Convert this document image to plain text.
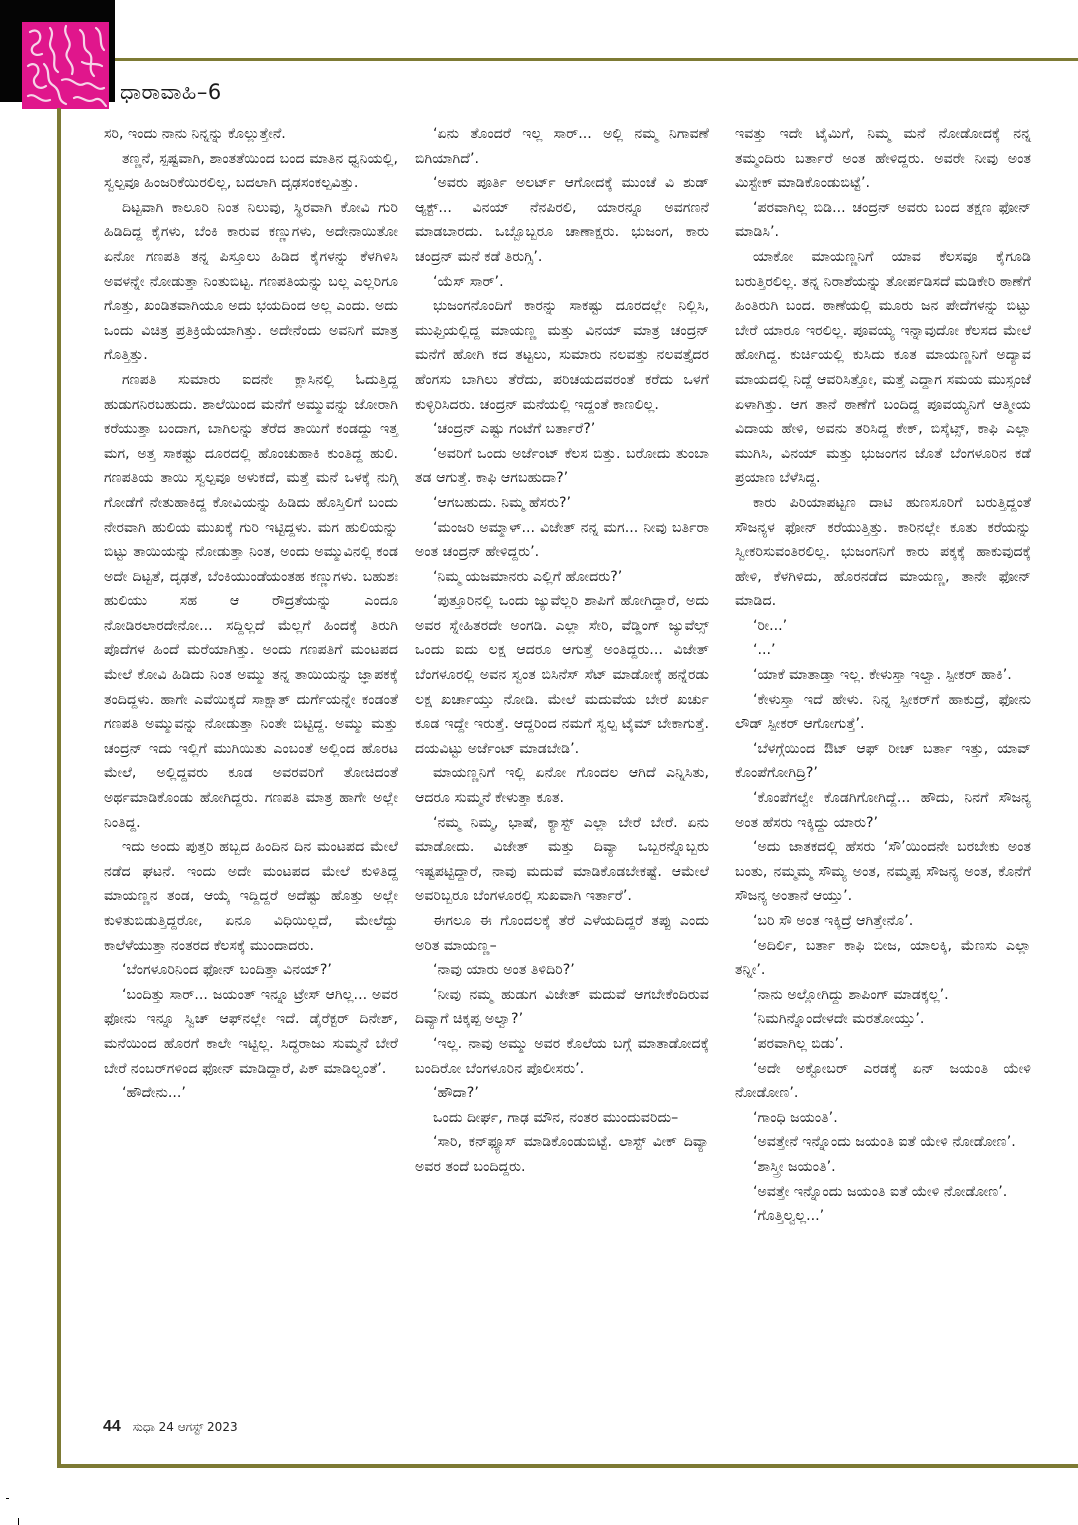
ಧಾರಾವಾಹಿ–6

ಸರಿ, ಇಂದು ನಾನು ನಿನ್ನನ್ನು ಕೊಲ್ಲುತ್ತೇನೆ.

ತಣ್ಣನೆ, ಸ್ಪಷ್ಟವಾಗಿ, ಶಾಂತತೆಯಿಂದ ಬಂದ ಮಾತಿನ ಧ್ವನಿಯಲ್ಲಿ, ಸ್ವಲ್ಪವೂ ಹಿಂಜರಿಕೆಯಿರಲಿಲ್ಲ, ಬದಲಾಗಿ ದೃಢಸಂಕಲ್ಪವಿತ್ತು.

ದಿಟ್ಟವಾಗಿ ಕಾಲೂರಿ ನಿಂತ ನಿಲುವು, ಸ್ಥಿರವಾಗಿ ಕೋವಿ ಗುರಿ ಹಿಡಿದಿದ್ದ ಕೈಗಳು, ಬೆಂಕಿ ಕಾರುವ ಕಣ್ಣುಗಳು, ಅದೇನಾಯಿತೋ ಏನೋ ಗಣಪತಿ ತನ್ನ ಪಿಸ್ತೂಲು ಹಿಡಿದ ಕೈಗಳನ್ನು ಕೆಳಗಿಳಿಸಿ ಅವಳನ್ನೇ ನೋಡುತ್ತಾ ನಿಂತುಬಿಟ್ಟ. ಗಣಪತಿಯನ್ನು ಬಲ್ಲ ಎಲ್ಲರಿಗೂ ಗೊತ್ತು, ಖಂಡಿತವಾಗಿಯೂ ಅದು ಭಯದಿಂದ ಅಲ್ಲ ಎಂದು. ಅದು ಒಂದು ವಿಚಿತ್ರ ಪ್ರತಿಕ್ರಿಯೆಯಾಗಿತ್ತು. ಅದೇನೆಂದು ಅವನಿಗೆ ಮಾತ್ರ ಗೊತ್ತಿತ್ತು.

ಗಣಪತಿ ಸುಮಾರು ಐದನೇ ಕ್ಲಾಸಿನಲ್ಲಿ ಓದುತ್ತಿದ್ದ ಹುಡುಗನಿರಬಹುದು. ಶಾಲೆಯಿಂದ ಮನೆಗೆ ಅಮ್ಮುವನ್ನು ಜೋರಾಗಿ ಕರೆಯುತ್ತಾ ಬಂದಾಗ, ಬಾಗಿಲನ್ನು ತೆರೆದ ತಾಯಿಗೆ ಕಂಡದ್ದು ಇತ್ತ ಮಗ, ಅತ್ತ ಸಾಕಷ್ಟು ದೂರದಲ್ಲಿ ಹೊಂಚುಹಾಕಿ ಕುಂತಿದ್ದ ಹುಲಿ. ಗಣಪತಿಯ ತಾಯಿ ಸ್ವಲ್ಪವೂ ಅಳುಕದೆ, ಮತ್ತೆ ಮನೆ ಒಳಕ್ಕೆ ನುಗ್ಗಿ ಗೋಡೆಗೆ ನೇತುಹಾಕಿದ್ದ ಕೋವಿಯನ್ನು ಹಿಡಿದು ಹೊಸ್ತಿಲಿಗೆ ಬಂದು ನೇರವಾಗಿ ಹುಲಿಯ ಮುಖಕ್ಕೆ ಗುರಿ ಇಟ್ಟಿದ್ದಳು. ಮಗ ಹುಲಿಯನ್ನು ಬಿಟ್ಟು ತಾಯಿಯನ್ನು ನೋಡುತ್ತಾ ನಿಂತ, ಅಂದು ಅಮ್ಮುವಿನಲ್ಲಿ ಕಂಡ ಅದೇ ದಿಟ್ಟತೆ, ದೃಢತೆ, ಬೆಂಕಿಯುಂಡೆಯಂತಹ ಕಣ್ಣುಗಳು. ಬಹುಶಃ ಹುಲಿಯು ಸಹ ಆ ರೌದ್ರತೆಯನ್ನು ಎಂದೂ ನೋಡಿರಲಾರದೇನೋ... ಸದ್ದಿಲ್ಲದೆ ಮೆಲ್ಲಗೆ ಹಿಂದಕ್ಕೆ ತಿರುಗಿ ಪೊದೆಗಳ ಹಿಂದೆ ಮರೆಯಾಗಿತ್ತು. ಅಂದು ಗಣಪತಿಗೆ ಮಂಟಪದ ಮೇಲೆ ಕೋವಿ ಹಿಡಿದು ನಿಂತ ಅಮ್ಮು ತನ್ನ ತಾಯಿಯನ್ನು ಜ್ಞಾಪಕಕ್ಕೆ ತಂದಿದ್ದಳು. ಹಾಗೇ ಎವೆಯಿಕ್ಕದೆ ಸಾಕ್ಷಾತ್ ದುರ್ಗೆಯನ್ನೇ ಕಂಡಂತೆ ಗಣಪತಿ ಅಮ್ಮುವನ್ನು ನೋಡುತ್ತಾ ನಿಂತೇ ಬಿಟ್ಟಿದ್ದ. ಅಮ್ಮು ಮತ್ತು ಚಂದ್ರನ್ ಇದು ಇಲ್ಲಿಗೆ ಮುಗಿಯಿತು ಎಂಬಂತೆ ಅಲ್ಲಿಂದ ಹೊರಟ ಮೇಲೆ, ಅಲ್ಲಿದ್ದವರು ಕೂಡ ಅವರವರಿಗೆ ತೋಚಿದಂತೆ ಅರ್ಥಮಾಡಿಕೊಂಡು ಹೋಗಿದ್ದರು. ಗಣಪತಿ ಮಾತ್ರ ಹಾಗೇ ಅಲ್ಲೇ ನಿಂತಿದ್ದ.

ಇದು ಅಂದು ಪುತ್ತರಿ ಹಬ್ಬದ ಹಿಂದಿನ ದಿನ ಮಂಟಪದ ಮೇಲೆ ನಡೆದ ಘಟನೆ. ಇಂದು ಅದೇ ಮಂಟಪದ ಮೇಲೆ ಕುಳಿತಿದ್ದ ಮಾಯಣ್ಣನ ತಂಡ, ಆಯ್ಕೆ ಇದ್ದಿದ್ದರೆ ಅದೆಷ್ಟು ಹೊತ್ತು ಅಲ್ಲೇ ಕುಳಿತುಬಿಡುತ್ತಿದ್ದರೋ, ಏನೂ ವಿಧಿಯಿಲ್ಲದೆ, ಮೇಲೆದ್ದು ಕಾಲೆಳೆಯುತ್ತಾ ನಂತರದ ಕೆಲಸಕ್ಕೆ ಮುಂದಾದರು.

‘ಬೆಂಗಳೂರಿನಿಂದ ಫೋನ್ ಬಂದಿತ್ತಾ ವಿನಯ್?’

‘ಬಂದಿತ್ತು ಸಾರ್... ಜಯಂತ್ ಇನ್ನೂ ಟ್ರೇಸ್ ಆಗಿಲ್ಲ... ಅವರ ಫೋನು ಇನ್ನೂ ಸ್ವಿಚ್ ಆಫ್‌ನಲ್ಲೇ ಇದೆ. ಡೈರೆಕ್ಟರ್ ದಿನೇಶ್, ಮನೆಯಿಂದ ಹೊರಗೆ ಕಾಲೇ ಇಟ್ಟಿಲ್ಲ. ಸಿದ್ಧರಾಜು ಸುಮ್ಮನೆ ಬೇರೆ ಬೇರೆ ನಂಬರ್‌ಗಳಿಂದ ಫೋನ್ ಮಾಡಿದ್ದಾರೆ, ಪಿಕ್ ಮಾಡಿಲ್ವಂತೆ’.

‘ಹೌದೇನು...’

‘ಏನು ತೊಂದರೆ ಇಲ್ಲ ಸಾರ್... ಅಲ್ಲಿ ನಮ್ಮ ನಿಗಾವಣೆ ಬಿಗಿಯಾಗಿದೆ’.

‘ಅವರು ಪೂರ್ತಿ ಅಲರ್ಟ್ ಆಗೋದಕ್ಕೆ ಮುಂಚೆ ವಿ ಶುಡ್ ಆ್ಯಕ್ಟ್... ವಿನಯ್ ನೆನಪಿರಲಿ, ಯಾರನ್ನೂ ಅವಗಣನೆ ಮಾಡಬಾರದು. ಒಬ್ಬೊಬ್ಬರೂ ಚಾಣಾಕ್ಷರು. ಭುಜಂಗ, ಕಾರು ಚಂದ್ರನ್ ಮನೆ ಕಡೆ ತಿರುಗ್ಸಿ’.

‘ಯೆಸ್ ಸಾರ್’.

ಭುಜಂಗನೊಂದಿಗೆ ಕಾರನ್ನು ಸಾಕಷ್ಟು ದೂರದಲ್ಲೇ ನಿಲ್ಲಿಸಿ, ಮುಫ್ತಿಯಲ್ಲಿದ್ದ ಮಾಯಣ್ಣ ಮತ್ತು ವಿನಯ್ ಮಾತ್ರ ಚಂದ್ರನ್ ಮನೆಗೆ ಹೋಗಿ ಕದ ತಟ್ಟಲು, ಸುಮಾರು ನಲವತ್ತು ನಲವತ್ತೈದರ ಹೆಂಗಸು ಬಾಗಿಲು ತೆರೆದು, ಪರಿಚಯದವರಂತೆ ಕರೆದು ಒಳಗೆ ಕುಳ್ಳಿರಿಸಿದರು. ಚಂದ್ರನ್ ಮನೆಯಲ್ಲಿ ಇದ್ದಂತೆ ಕಾಣಲಿಲ್ಲ.

‘ಚಂದ್ರನ್ ಎಷ್ಟು ಗಂಟೆಗೆ ಬರ್ತಾರೆ?’

‘ಅವರಿಗೆ ಒಂದು ಅರ್ಜೆಂಟ್ ಕೆಲಸ ಬಿತ್ತು. ಬರೋದು ತುಂಬಾ ತಡ ಆಗುತ್ತೆ. ಕಾಫಿ ಆಗಬಹುದಾ?’

‘ಆಗಬಹುದು. ನಿಮ್ಮ ಹೆಸರು?’

‘ಮಂಜರಿ ಅಮ್ಮಾಳ್... ವಿಜೇತ್ ನನ್ನ ಮಗ... ನೀವು ಬರ್ತಿರಾ ಅಂತ ಚಂದ್ರನ್ ಹೇಳಿದ್ದರು’.

‘ನಿಮ್ಮ ಯಜಮಾನರು ಎಲ್ಲಿಗೆ ಹೋದರು?’

‘ಪುತ್ತೂರಿನಲ್ಲಿ ಒಂದು ಜ್ಯುವೆಲ್ಲರಿ ಶಾಪಿಗೆ ಹೋಗಿದ್ದಾರೆ, ಅದು ಅವರ ಸ್ನೇಹಿತರದೇ ಅಂಗಡಿ. ಎಲ್ಲಾ ಸೇರಿ, ವೆಡ್ಡಿಂಗ್ ಜ್ಯುವೆಲ್ಸ್ ಒಂದು ಐದು ಲಕ್ಷ ಆದರೂ ಆಗುತ್ತೆ ಅಂತಿದ್ದರು... ವಿಜೇತ್ ಬೆಂಗಳೂರಲ್ಲಿ ಅವನ ಸ್ವಂತ ಬಿಸಿನೆಸ್ ಸೆಟ್ ಮಾಡೋಕ್ಕೆ ಹನ್ನೆರಡು ಲಕ್ಷ ಖರ್ಚಾಯ್ತು ನೋಡಿ. ಮೇಲೆ ಮದುವೆಯ ಬೇರೆ ಖರ್ಚು ಕೂಡ ಇದ್ದೇ ಇರುತ್ತೆ. ಆದ್ದರಿಂದ ನಮಗೆ ಸ್ವಲ್ಪ ಟೈಮ್ ಬೇಕಾಗುತ್ತೆ. ದಯವಿಟ್ಟು ಅರ್ಜೆಂಟ್ ಮಾಡಬೇಡಿ’.

ಮಾಯಣ್ಣನಿಗೆ ಇಲ್ಲಿ ಏನೋ ಗೊಂದಲ ಆಗಿದೆ ಎನ್ನಿಸಿತು, ಆದರೂ ಸುಮ್ಮನೆ ಕೇಳುತ್ತಾ ಕೂತ.

‘ನಮ್ಮ ನಿಮ್ಮ, ಭಾಷೆ, ಕ್ಯಾಸ್ಟ್ ಎಲ್ಲಾ ಬೇರೆ ಬೇರೆ. ಏನು ಮಾಡೋದು. ವಿಜೇತ್ ಮತ್ತು ದಿವ್ಯಾ ಒಬ್ಬರನ್ನೊಬ್ಬರು ಇಷ್ಟಪಟ್ಟಿದ್ದಾರೆ, ನಾವು ಮದುವೆ ಮಾಡಿಕೊಡಬೇಕಷ್ಟೆ. ಆಮೇಲೆ ಅವರಿಬ್ಬರೂ ಬೆಂಗಳೂರಲ್ಲಿ ಸುಖವಾಗಿ ಇರ್ತಾರೆ’.

ಈಗಲೂ ಈ ಗೊಂದಲಕ್ಕೆ ತೆರೆ ಎಳೆಯದಿದ್ದರೆ ತಪ್ಪು ಎಂದು ಅರಿತ ಮಾಯಣ್ಣ–

‘ನಾವು ಯಾರು ಅಂತ ತಿಳಿದಿರಿ?’

‘ನೀವು ನಮ್ಮ ಹುಡುಗ ವಿಜೇತ್ ಮದುವೆ ಆಗಬೇಕೆಂದಿರುವ ದಿವ್ಯಾಗೆ ಚಿಕ್ಕಪ್ಪ ಅಲ್ವಾ?’

‘ಇಲ್ಲ. ನಾವು ಅಮ್ಮು ಅವರ ಕೊಲೆಯ ಬಗ್ಗೆ ಮಾತಾಡೋದಕ್ಕೆ ಬಂದಿರೋ ಬೆಂಗಳೂರಿನ ಪೊಲೀಸರು’.

‘ಹೌದಾ?’

ಒಂದು ದೀರ್ಘ, ಗಾಢ ಮೌನ, ನಂತರ ಮುಂದುವರಿದು–

‘ಸಾರಿ, ಕನ್‌ಫ್ಯೂಸ್ ಮಾಡಿಕೊಂಡುಬಿಟ್ಟೆ. ಲಾಸ್ಟ್ ವೀಕ್ ದಿವ್ಯಾ ಅವರ ತಂದೆ ಬಂದಿದ್ದರು.

ಇವತ್ತು ಇದೇ ಟೈಮಿಗೆ, ನಿಮ್ಮ ಮನೆ ನೋಡೋದಕ್ಕೆ ನನ್ನ ತಮ್ಮಂದಿರು ಬರ್ತಾರೆ ಅಂತ ಹೇಳಿದ್ದರು. ಅವರೇ ನೀವು ಅಂತ ಮಿಸ್ಟೇಕ್ ಮಾಡಿಕೊಂಡುಬಿಟ್ಟೆ’.

‘ಪರವಾಗಿಲ್ಲ ಬಿಡಿ... ಚಂದ್ರನ್ ಅವರು ಬಂದ ತಕ್ಷಣ ಫೋನ್ ಮಾಡಿಸಿ’.

ಯಾಕೋ ಮಾಯಣ್ಣನಿಗೆ ಯಾವ ಕೆಲಸವೂ ಕೈಗೂಡಿ ಬರುತ್ತಿರಲಿಲ್ಲ. ತನ್ನ ನಿರಾಶೆಯನ್ನು ತೋರ್ಪಡಿಸದೆ ಮಡಿಕೇರಿ ಠಾಣೆಗೆ ಹಿಂತಿರುಗಿ ಬಂದ. ಠಾಣೆಯಲ್ಲಿ ಮೂರು ಜನ ಪೇದೆಗಳನ್ನು ಬಿಟ್ಟು ಬೇರೆ ಯಾರೂ ಇರಲಿಲ್ಲ. ಪೂವಯ್ಯ ಇನ್ನಾವುದೋ ಕೆಲಸದ ಮೇಲೆ ಹೋಗಿದ್ದ. ಕುರ್ಚಿಯಲ್ಲಿ ಕುಸಿದು ಕೂತ ಮಾಯಣ್ಣನಿಗೆ ಅದ್ಯಾವ ಮಾಯದಲ್ಲಿ ನಿದ್ದೆ ಆವರಿಸಿತ್ತೋ, ಮತ್ತೆ ಎದ್ದಾಗ ಸಮಯ ಮುಸ್ಸಂಜೆ ಏಳಾಗಿತ್ತು. ಆಗ ತಾನೆ ಠಾಣೆಗೆ ಬಂದಿದ್ದ ಪೂವಯ್ಯನಿಗೆ ಆತ್ಮೀಯ ವಿದಾಯ ಹೇಳಿ, ಅವನು ತರಿಸಿದ್ದ ಕೇಕ್, ಬಿಸ್ಕೆಟ್ಸ್, ಕಾಫಿ ಎಲ್ಲಾ ಮುಗಿಸಿ, ವಿನಯ್ ಮತ್ತು ಭುಜಂಗನ ಜೊತೆ ಬೆಂಗಳೂರಿನ ಕಡೆ ಪ್ರಯಾಣ ಬೆಳೆಸಿದ್ದ.

ಕಾರು ಪಿರಿಯಾಪಟ್ಟಣ ದಾಟಿ ಹುಣಸೂರಿಗೆ ಬರುತ್ತಿದ್ದಂತೆ ಸೌಜನ್ಯಳ ಫೋನ್ ಕರೆಯುತ್ತಿತ್ತು. ಕಾರಿನಲ್ಲೇ ಕೂತು ಕರೆಯನ್ನು ಸ್ವೀಕರಿಸುವಂತಿರಲಿಲ್ಲ. ಭುಜಂಗನಿಗೆ ಕಾರು ಪಕ್ಕಕ್ಕೆ ಹಾಕುವುದಕ್ಕೆ ಹೇಳಿ, ಕೆಳಗಿಳಿದು, ಹೊರನಡೆದ ಮಾಯಣ್ಣ, ತಾನೇ ಫೋನ್ ಮಾಡಿದ.

‘ರೀ...’

‘...’

‘ಯಾಕೆ ಮಾತಾಡ್ತಾ ಇಲ್ಲ. ಕೇಳುಸ್ತಾ ಇಲ್ವಾ. ಸ್ಪೀಕರ್ ಹಾಕಿ’.

‘ಕೇಳುಸ್ತಾ ಇದೆ ಹೇಳು. ನಿನ್ನ ಸ್ಪೀಕರ್‌ಗೆ ಹಾಕುದ್ರೆ, ಫೋನು ಲೌಡ್ ಸ್ಪೀಕರ್ ಆಗೋಗುತ್ತೆ’.

‘ಬೆಳಗ್ಗೆಯಿಂದ ಔಟ್ ಆಫ್ ರೀಚ್ ಬರ್ತಾ ಇತ್ತು, ಯಾವ್ ಕೊಂಪೆಗೋಗಿದ್ರಿ?’

‘ಕೊಂಪೆಗಲ್ವೇ ಕೊಡಗಿಗೋಗಿದ್ದೆ... ಹೌದು, ನಿನಗೆ ಸೌಜನ್ಯ ಅಂತ ಹೆಸರು ಇಕ್ಕಿದ್ದು ಯಾರು?’

‘ಅದು ಜಾತಕದಲ್ಲಿ ಹೆಸರು ‘ಸೌ’ಯಿಂದನೇ ಬರಬೇಕು ಅಂತ ಬಂತು, ನಮ್ಮಮ್ಮ ಸೌಮ್ಯ ಅಂತ, ನಮ್ಮಪ್ಪ ಸೌಜನ್ಯ ಅಂತ, ಕೊನೆಗೆ ಸೌಜನ್ಯ ಅಂತಾನೆ ಆಯ್ತು’.

‘ಬರಿ ಸೌ ಅಂತ ಇಕ್ಕಿದ್ರೆ ಆಗಿತ್ತೇನೊ’.

‘ಅದಿರ್ಲಿ, ಬರ್ತಾ ಕಾಫಿ ಬೀಜ, ಯಾಲಕ್ಕಿ, ಮೆಣಸು ಎಲ್ಲಾ ತನ್ನೀ’.

‘ನಾನು ಅಲ್ಲೋಗಿದ್ದು ಶಾಪಿಂಗ್ ಮಾಡಕ್ಕಲ್ಲ’.

‘ನಿಮಗಿನ್ನೊಂದೇಳದೇ ಮರತೋಯ್ತು’.

‘ಪರವಾಗಿಲ್ಲ ಬಿಡು’.

‘ಅದೇ ಅಕ್ಟೋಬರ್ ಎರಡಕ್ಕೆ ಏನ್ ಜಯಂತಿ ಯೇಳಿ ನೋಡೋಣ’.

‘ಗಾಂಧಿ ಜಯಂತಿ’.

‘ಅವತ್ತೇನೆ ಇನ್ನೊಂದು ಜಯಂತಿ ಐತೆ ಯೇಳಿ ನೋಡೋಣ’.

‘ಶಾಸ್ತ್ರೀ ಜಯಂತಿ’.

‘ಅವತ್ತೇ ಇನ್ನೊಂದು ಜಯಂತಿ ಐತೆ ಯೇಳಿ ನೋಡೋಣ’.

‘ಗೊತ್ತಿಲ್ವಲ್ಲ...’

44 ಸುಧಾ 24 ಆಗಸ್ಟ್ 2023
